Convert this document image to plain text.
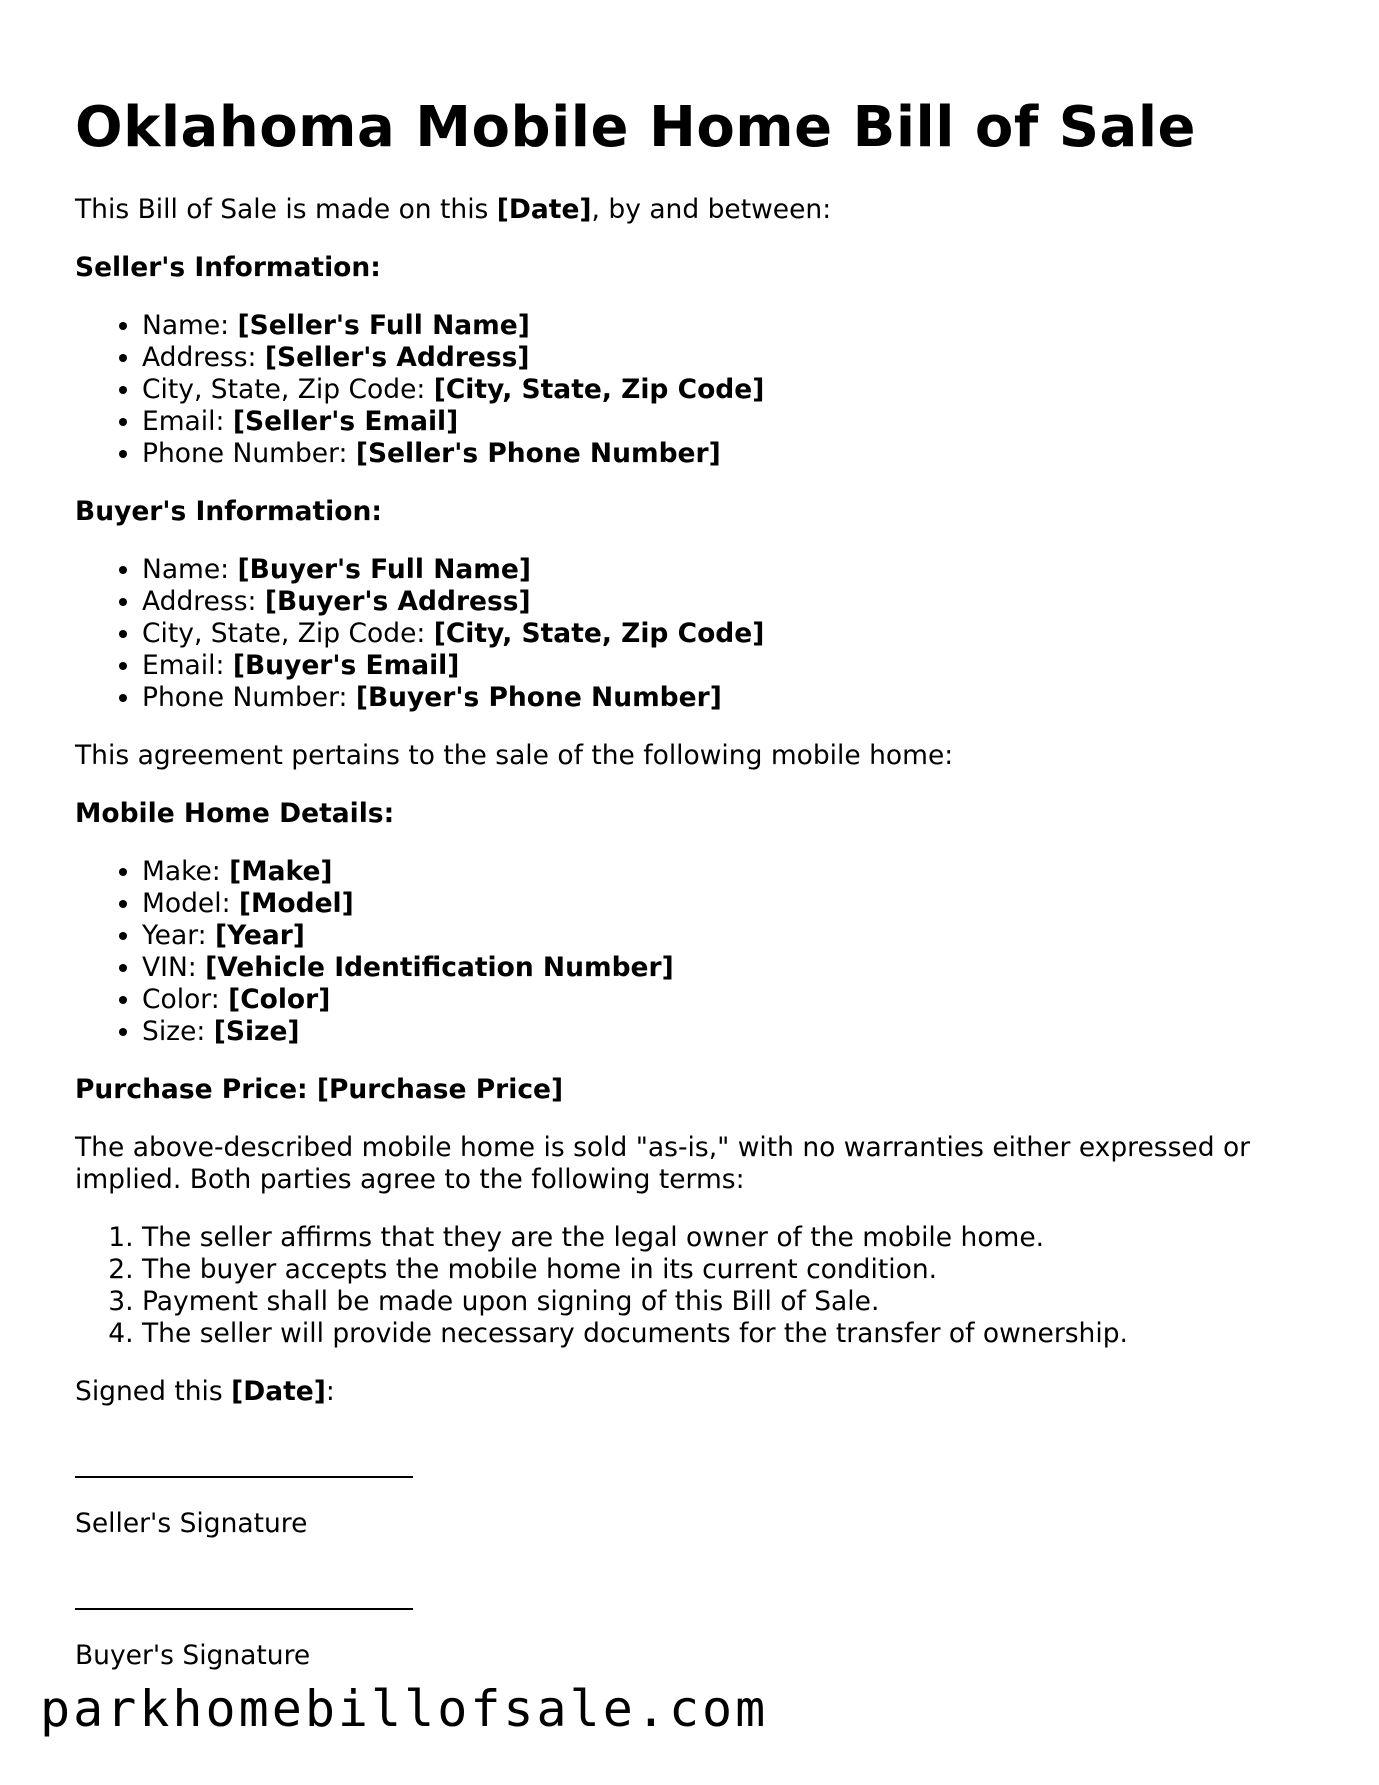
Oklahoma Mobile Home Bill of Sale

This Bill of Sale is made on this [Date], by and between:

Seller's Information:

• Name: [Seller's Full Name]
• Address: [Seller's Address]
• City, State, Zip Code: [City, State, Zip Code]
• Email: [Seller's Email]
• Phone Number: [Seller's Phone Number]

Buyer's Information:

• Name: [Buyer's Full Name]
• Address: [Buyer's Address]
• City, State, Zip Code: [City, State, Zip Code]
• Email: [Buyer's Email]
• Phone Number: [Buyer's Phone Number]

This agreement pertains to the sale of the following mobile home:

Mobile Home Details:

• Make: [Make]
• Model: [Model]
• Year: [Year]
• VIN: [Vehicle Identification Number]
• Color: [Color]
• Size: [Size]

Purchase Price: [Purchase Price]

The above-described mobile home is sold "as-is," with no warranties either expressed or implied. Both parties agree to the following terms:

1. The seller affirms that they are the legal owner of the mobile home.
2. The buyer accepts the mobile home in its current condition.
3. Payment shall be made upon signing of this Bill of Sale.
4. The seller will provide necessary documents for the transfer of ownership.

Signed this [Date]:

Seller's Signature

Buyer's Signature

parkhomebillofsale.com
